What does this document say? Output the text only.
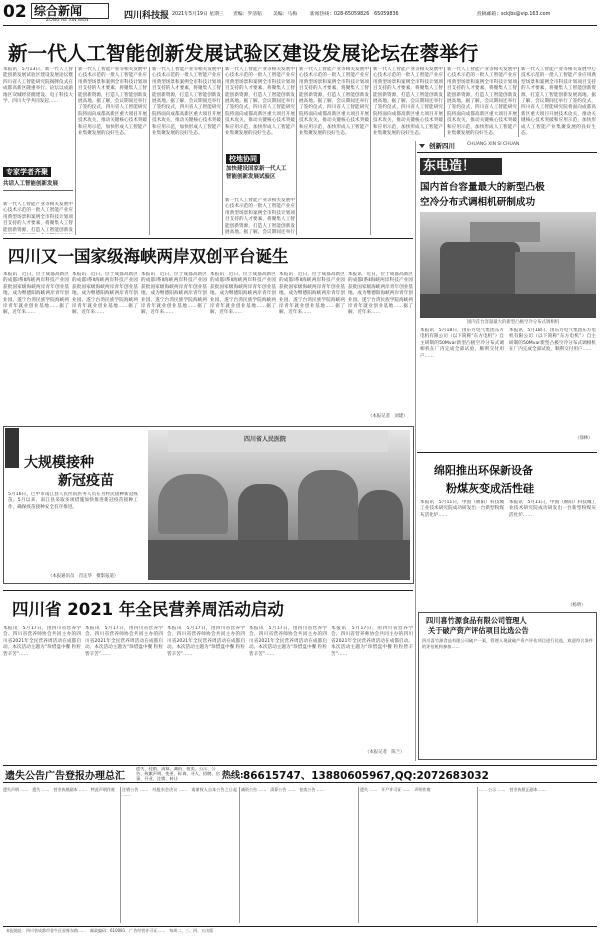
02 综合新闻
ZONG HE XIN WEN	四川科技报 2021年5月19日 星期三 责编：罗清韬 美编：马梅	新闻热线：028-65059826　65059836	投稿邮箱：sckjbs@vip.163.com
新一代人工智能创新发展试验区建设发展论坛在蓉举行
本报讯　5月13日，新一代人工智能创新发展试验区建设发展论坛暨四川省人工智能研究院揭牌仪式在成都高新区隆重举行。论坛以成渝地区双城经济圈建设、电子科技大学、四川大学共同发起……
新一代人工智能产业等相关发展中心技术示范的一批人工智能产业应用典型场景和案例全市科技计划项目支持的人才要素，将聚集人工智能创新资源，打造人工智能创新发
新一代人工智能产业等相关发展中心技术示范的一批人工智能产业应用典型场景和案例全市科技计划项目支持的人才要素，将聚集人工智能创新资源，打造人工智能创新发展高地。据了解，会议期间还举行了签约仪式，四川省人工智能研究院将面向成都高新区重大项目开展技术攻关，推动关键核心技术突破和应用示范，加快形成人工智能产业集聚发展的良好生态。
新一代人工智能产业等相关发展中心技术示范的一批人工智能产业应用典型场景和案例全市科技计划项目支持的人才要素，将聚集人工智能创新资源，打造人工智能创新发展高地。据了解，会议期间还举行了签约仪式，四川省人工智能研究院将面向成都高新区重大项目开展技术攻关，推动关键核心技术突破和应用示范，加快形成人工智能产业集聚发展的良好生态。
新一代人工智能产业等相关发展中心技术示范的一批人工智能产业应用典型场景和案例全市科技计划项目支持的人才要素，将聚集人工智能创新资源，打造人工智能创新发展高地。据了解，会议期间还举行了签约仪式，四川省人工智能研究院将面向成都高新区重大项目开展技术攻关，推动关键核心技术突破和应用示范，加快形成人工智能产业集聚发展的良好生态。
新一代人工智能产业等相关发展中心技术示范的一批人工智能产业应用典型场景和案例全市科技计划项目支持的人才要素，将聚集人工智能创新资源，打造人工智能创新发展高地。据了解，会议期间还举行
新一代人工智能产业等相关发展中心技术示范的一批人工智能产业应用典型场景和案例全市科技计划项目支持的人才要素，将聚集人工智能创新资源，打造人工智能创新发展高地。据了解，会议期间还举行了签约仪式，四川省人工智能研究院将面向成都高新区重大项目开展技术攻关，推动关键核心技术突破和应用示范，加快形成人工智能产业集聚发展的良好生态。
新一代人工智能产业等相关发展中心技术示范的一批人工智能产业应用典型场景和案例全市科技计划项目支持的人才要素，将聚集人工智能创新资源，打造人工智能创新发展高地。据了解，会议期间还举行了签约仪式，四川省人工智能研究院将面向成都高新区重大项目开展技术攻关，推动关键核心技术突破和应用示范，加快形成人工智能产业集聚发展的良好生态。
新一代人工智能产业等相关发展中心技术示范的一批人工智能产业应用典型场景和案例全市科技计划项目支持的人才要素，将聚集人工智能创新资源，打造人工智能创新发展高地。据了解，会议期间还举行了签约仪式，四川省人工智能研究院将面向成都高新区重大项目开展技术攻关，推动关键核心技术突破和应用示范，加快形成人工智能产业集聚发展的良好生态。
新一代人工智能产业等相关发展中心技术示范的一批人工智能产业应用典型场景和案例全市科技计划项目支持的人才要素，将聚集人工智能创新资源，打造人工智能创新发展高地。据了解，会议期间还举行了签约仪式，四川省人工智能研究院将面向成都高新区重大项目开展技术攻关，推动关键核心技术突破和应用示范，加快形成人工智能产业集聚发展的良好生态。
专家学者齐聚
共话人工智能创新发展
校地协同
加快建设国家新一代人工
智能创新发展试验区
创新四川	CHUANG XIN SI CHUAN
东电造！
国内首台容量最大的新型凸极
空冷分布式调相机研制成功
国内首台容量最大的新型凸极空冷分布式调相机
本报讯　5月18日，由东方电气集团东方电机有限公司（以下简称“东方电机”）自主研制的50Mvar新型凸极空冷分布式调相机在厂内完成全部试验，顺利交付用户……
本报讯　5月18日，由东方电气集团东方电机有限公司（以下简称“东方电机”）自主研制的50Mvar新型凸极空冷分布式调相机在厂内完成全部试验，顺利交付用户……
（徐林）
绵阳推出环保新设备
粉煤灰变成活性硅
本报讯　5月11日，中国（绵阳）科技城工业技术研究院成功研发出一台新型粉煤灰活化炉……
本报讯　5月11日，中国（绵阳）科技城工业技术研究院成功研发出一台新型粉煤灰活化炉……
（杨明）
四川又一国家级海峡两岸双创平台诞生
本报讯　近日，位于成都高新区的成都Ⅰ系Ⅱ海峡两岸科技产业园获批国家级海峡两岸青年创业基地。成为继德阳海峡两岸青年创业园、遂宁台湾民族学院海峡两岸青年就业创业基地……据了解，近年来……
本报讯　近日，位于成都高新区的成都Ⅰ系Ⅱ海峡两岸科技产业园获批国家级海峡两岸青年创业基地。成为继德阳海峡两岸青年创业园、遂宁台湾民族学院海峡两岸青年就业创业基地……据了解，近年来……
本报讯　近日，位于成都高新区的成都Ⅰ系Ⅱ海峡两岸科技产业园获批国家级海峡两岸青年创业基地。成为继德阳海峡两岸青年创业园、遂宁台湾民族学院海峡两岸青年就业创业基地……据了解，近年来……
本报讯　近日，位于成都高新区的成都Ⅰ系Ⅱ海峡两岸科技产业园获批国家级海峡两岸青年创业基地。成为继德阳海峡两岸青年创业园、遂宁台湾民族学院海峡两岸青年就业创业基地……据了解，近年来……
本报讯　近日，位于成都高新区的成都Ⅰ系Ⅱ海峡两岸科技产业园获批国家级海峡两岸青年创业基地。成为继德阳海峡两岸青年创业园、遂宁台湾民族学院海峡两岸青年就业创业基地……据了解，近年来……
本报讯　近日，位于成都高新区的成都Ⅰ系Ⅱ海峡两岸科技产业园获批国家级海峡两岸青年创业基地。成为继德阳海峡两岸青年创业园、遂宁台湾民族学院海峡两岸青年就业创业基地……据了解，近年来……
（本报记者　刘建）
大规模接种
新冠疫苗
5月16日，巴中市南江县人民医院医务人员在为村民接种新冠疫苗。5月以来，南江县采取多项措施加快推进新冠疫苗接种工作，确保疫苗接种安全有序推进。
（本报通讯员　肖定华　摄影报道）
四川省人民医院
四川省 2021 年全民营养周活动启动
本报讯　5月17日，由四川省营养学会、四川省营养师协会共同主办的四川省2021年全民营养周活动在成都启动。本次活动主题为“珍惜盘中餐 粒粒皆辛苦”……
本报讯　5月17日，由四川省营养学会、四川省营养师协会共同主办的四川省2021年全民营养周活动在成都启动。本次活动主题为“珍惜盘中餐 粒粒皆辛苦”……
本报讯　5月17日，由四川省营养学会、四川省营养师协会共同主办的四川省2021年全民营养周活动在成都启动。本次活动主题为“珍惜盘中餐 粒粒皆辛苦”……
本报讯　5月17日，由四川省营养学会、四川省营养师协会共同主办的四川省2021年全民营养周活动在成都启动。本次活动主题为“珍惜盘中餐 粒粒皆辛苦”……
本报讯　5月17日，由四川省营养学会、四川省营养师协会共同主办的四川省2021年全民营养周活动在成都启动。本次活动主题为“珍惜盘中餐 粒粒皆辛苦”……
（本报记者　陈兰）
四川喜竹源食品有限公司管理人
关于破产资产评估项目比选公告
四川喜竹源食品有限公司破产一案，管理人现就破产资产评估项目进行比选，欢迎符合条件的评估机构参加……
遗失公告广告登报办理总汇
遗失、挂销、清算、减资、拍卖、公示、公告、致歉声明、变更、标询、寻人、招聘、启事、开业、注销、转让	热线: 86615747、13880605967,QQ:2072683032
遗失声明 ……　遗失 ……　营业执照副本 ……　特此声明作废	注销公告 ……　经股东会决议 ……　请债权人自本公告之日起 ……
减资公告 ……　清算公告 ……　拍卖公告 ……	遗失 ……　开户许可证 ……　声明作废	…… 公示 ……　营业执照正副本 ……
本报地址：四川省成都市金牛区星辉东路……　邮政编码：610081　广告经营许可证……　每周二、三、四、五出版
